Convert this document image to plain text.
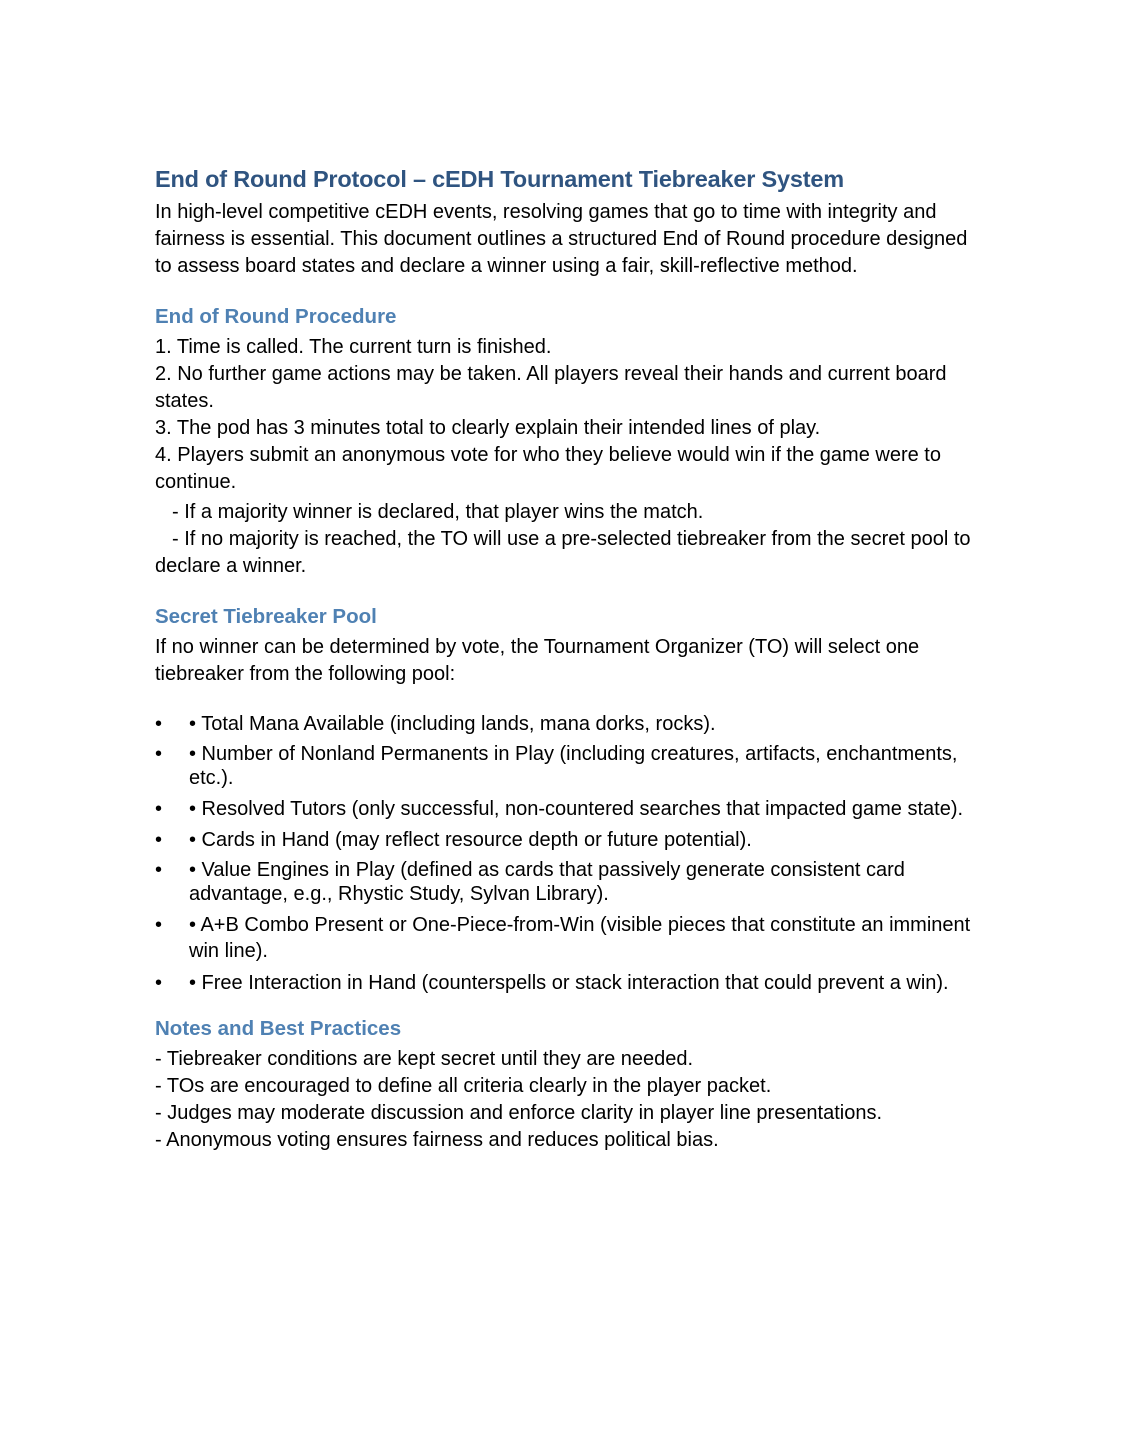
End of Round Protocol – cEDH Tournament Tiebreaker System

In high-level competitive cEDH events, resolving games that go to time with integrity and fairness is essential. This document outlines a structured End of Round procedure designed to assess board states and declare a winner using a fair, skill-reflective method.

End of Round Procedure

1. Time is called. The current turn is finished.

2. No further game actions may be taken. All players reveal their hands and current board states.

3. The pod has 3 minutes total to clearly explain their intended lines of play.

4. Players submit an anonymous vote for who they believe would win if the game were to continue.

- If a majority winner is declared, that player wins the match.

- If no majority is reached, the TO will use a pre-selected tiebreaker from the secret pool to declare a winner.

Secret Tiebreaker Pool

If no winner can be determined by vote, the Tournament Organizer (TO) will select one tiebreaker from the following pool:

• • Total Mana Available (including lands, mana dorks, rocks).
• • Number of Nonland Permanents in Play (including creatures, artifacts, enchantments, etc.).
• • Resolved Tutors (only successful, non-countered searches that impacted game state).
• • Cards in Hand (may reflect resource depth or future potential).
• • Value Engines in Play (defined as cards that passively generate consistent card advantage, e.g., Rhystic Study, Sylvan Library).
• • A+B Combo Present or One-Piece-from-Win (visible pieces that constitute an imminent win line).
• • Free Interaction in Hand (counterspells or stack interaction that could prevent a win).
Notes and Best Practices

- Tiebreaker conditions are kept secret until they are needed.

- TOs are encouraged to define all criteria clearly in the player packet.

- Judges may moderate discussion and enforce clarity in player line presentations.

- Anonymous voting ensures fairness and reduces political bias.
